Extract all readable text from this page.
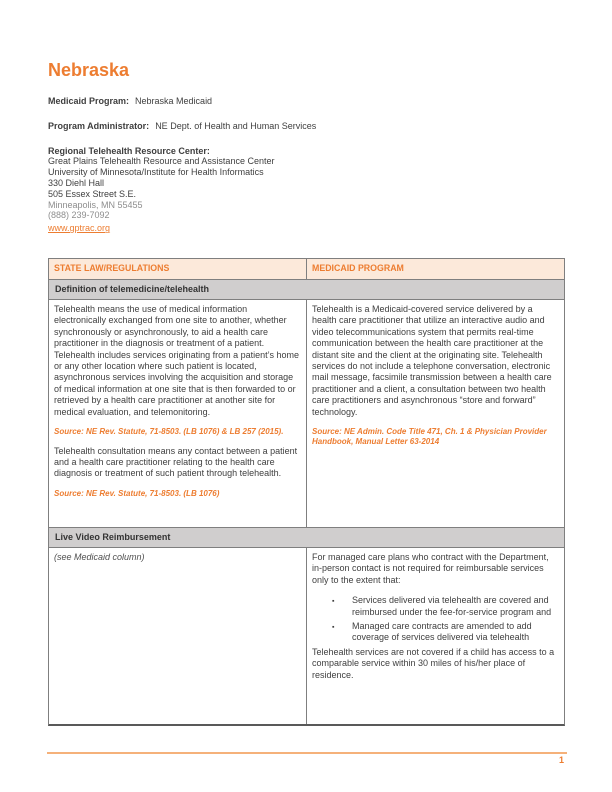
Nebraska
Medicaid Program: Nebraska Medicaid
Program Administrator: NE Dept. of Health and Human Services
Regional Telehealth Resource Center:
Great Plains Telehealth Resource and Assistance Center
University of Minnesota/Institute for Health Informatics
330 Diehl Hall
505 Essex Street S.E.
Minneapolis, MN 55455
(888) 239-7092
www.gptrac.org
STATE LAW/REGULATIONS	MEDICAID PROGRAM
Definition of telemedicine/telehealth

Telehealth means the use of medical information electronically exchanged from one site to another, whether synchronously or asynchronously, to aid a health care practitioner in the diagnosis or treatment of a patient. Telehealth includes services originating from a patient’s home or any other location where such patient is located, asynchronous services involving the acquisition and storage of medical information at one site that is then forwarded to or retrieved by a health care practitioner at another site for medical evaluation, and telemonitoring.

Source: NE Rev. Statute, 71-8503. (LB 1076) & LB 257 (2015).

Telehealth consultation means any contact between a patient and a health care practitioner relating to the health care diagnosis or treatment of such patient through telehealth.

Source: NE Rev. Statute, 71-8503. (LB 1076)

Telehealth is a Medicaid-covered service delivered by a health care practitioner that utilize an interactive audio and video telecommunications system that permits real-time communication between the health care practitioner at the distant site and the client at the originating site. Telehealth services do not include a telephone conversation, electronic mail message, facsimile transmission between a health care practitioner and a client, a consultation between two health care practitioners and asynchronous “store and forward” technology.

Source: NE Admin. Code Title 471, Ch. 1 & Physician Provider Handbook, Manual Letter 63-2014

Live Video Reimbursement

(see Medicaid column)	For managed care plans who contract with the Department, in-person contact is not required for reimbursable services only to the extent that:

▪ Services delivered via telehealth are covered and reimbursed under the fee-for-service program and
▪ Managed care contracts are amended to add coverage of services delivered via telehealth

Telehealth services are not covered if a child has access to a comparable service within 30 miles of his/her place of residence.

1
